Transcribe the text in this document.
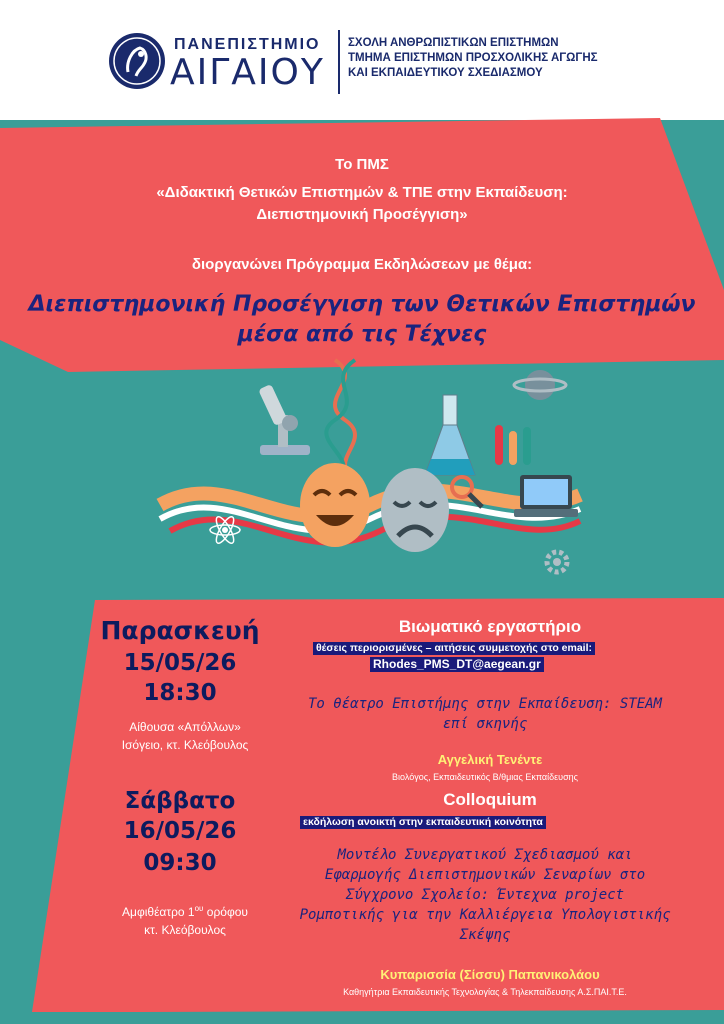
ΠΑΝΕΠΙΣΤΗΜΙΟ
ΑΙΓΑΙΟΥ
ΣΧΟΛΗ ΑΝΘΡΩΠΙΣΤΙΚΩΝ ΕΠΙΣΤΗΜΩΝ
ΤΜΗΜΑ ΕΠΙΣΤΗΜΩΝ ΠΡΟΣΧΟΛΙΚΗΣ ΑΓΩΓΗΣ
ΚΑΙ ΕΚΠΑΙΔΕΥΤΙΚΟΥ ΣΧΕΔΙΑΣΜΟΥ
Το ΠΜΣ
«Διδακτική Θετικών Επιστημών & ΤΠΕ στην Εκπαίδευση:
Διεπιστημονική Προσέγγιση»
διοργανώνει Πρόγραμμα Εκδηλώσεων με θέμα:
Διεπιστημονική Προσέγγιση των Θετικών Επιστημών
μέσα από τις Τέχνες
Παρασκευή
15/05/26
18:30
Αίθουσα «Απόλλων»
Ισόγειο, κτ. Κλεόβουλος
Βιωματικό εργαστήριο
θέσεις περιορισμένες – αιτήσεις συμμετοχής στο email:
Rhodes_PMS_DT@aegean.gr
Το θέατρο Επιστήμης στην Εκπαίδευση: STEAM
επί σκηνής
Αγγελική Τενέντε
Βιολόγος, Εκπαιδευτικός Β/θμιας Εκπαίδευσης
Σάββατο
16/05/26
09:30
Αμφιθέατρο $1^{o\upsilon}$ ορόφου
κτ. Κλεόβουλος
Colloquium
εκδήλωση ανοικτή στην εκπαιδευτική κοινότητα
Μοντέλο Συνεργατικού Σχεδιασμού και
Εφαρμογής Διεπιστημονικών Σεναρίων στο
Σύγχρονο Σχολείο: Έντεχνα project
Ρομποτικής για την Καλλιέργεια Υπολογιστικής
Σκέψης
Κυπαρισσία (Σίσσυ) Παπανικολάου
Καθηγήτρια Εκπαιδευτικής Τεχνολογίας & Τηλεκπαίδευσης Α.Σ.ΠΑΙ.Τ.Ε.
